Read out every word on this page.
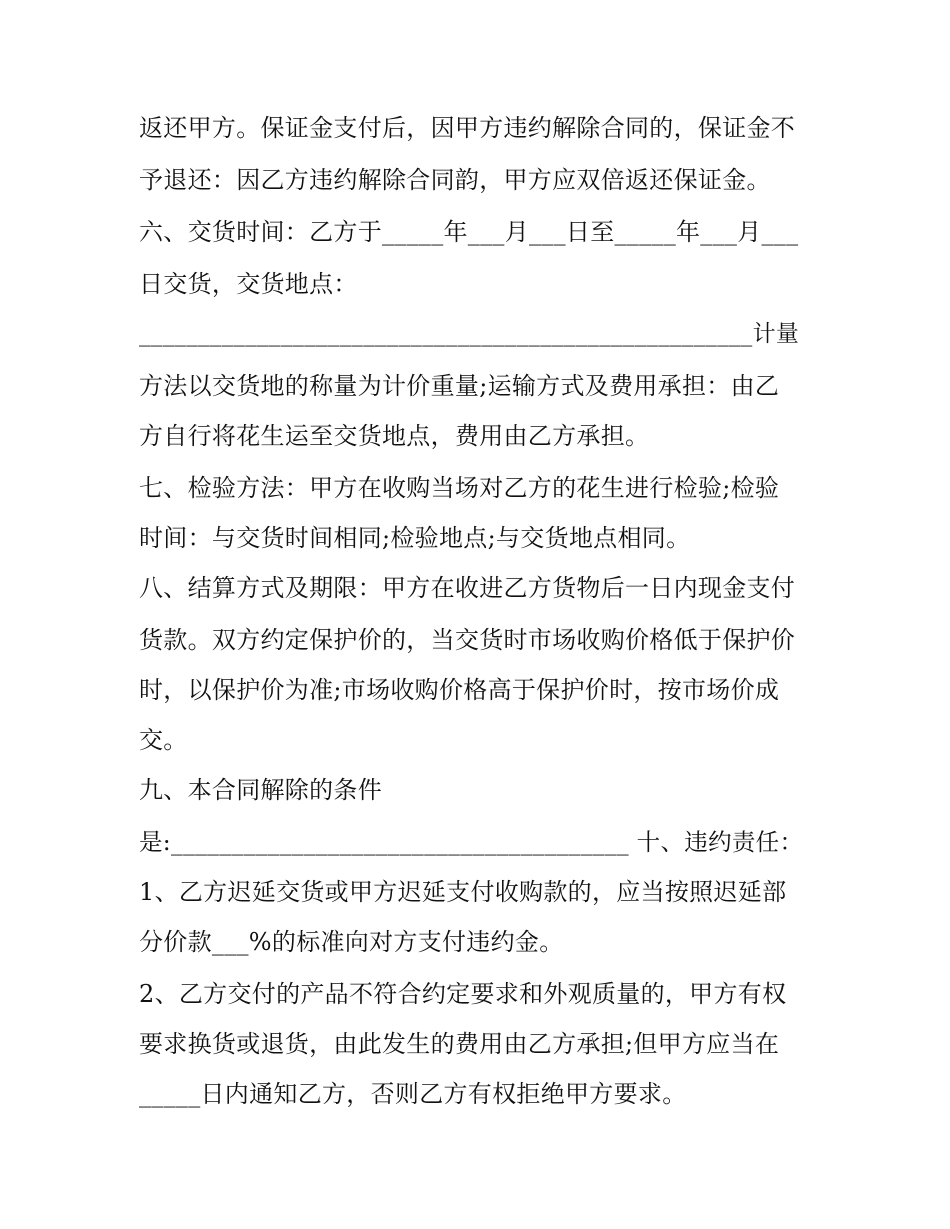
返还甲方。保证金支付后，因甲方违约解除合同的，保证金不
予退还：因乙方违约解除合同韵，甲方应双倍返还保证金。
六、交货时间：乙方于_____年___月___日至_____年___月___
日交货，交货地点：
____________________________________________________计量
方法以交货地的称量为计价重量;运输方式及费用承担：由乙
方自行将花生运至交货地点，费用由乙方承担。
七、检验方法：甲方在收购当场对乙方的花生进行检验;检验
时间：与交货时间相同;检验地点;与交货地点相同。
八、结算方式及期限：甲方在收进乙方货物后一日内现金支付
货款。双方约定保护价的，当交货时市场收购价格低于保护价
时，以保护价为准;市场收购价格高于保护价时，按市场价成
交。
九、本合同解除的条件
是:______________________________________ 十、违约责任：
1、乙方迟延交货或甲方迟延支付收购款的，应当按照迟延部
分价款___%的标准向对方支付违约金。
2、乙方交付的产品不符合约定要求和外观质量的，甲方有权
要求换货或退货，由此发生的费用由乙方承担;但甲方应当在
_____日内通知乙方，否则乙方有权拒绝甲方要求。
